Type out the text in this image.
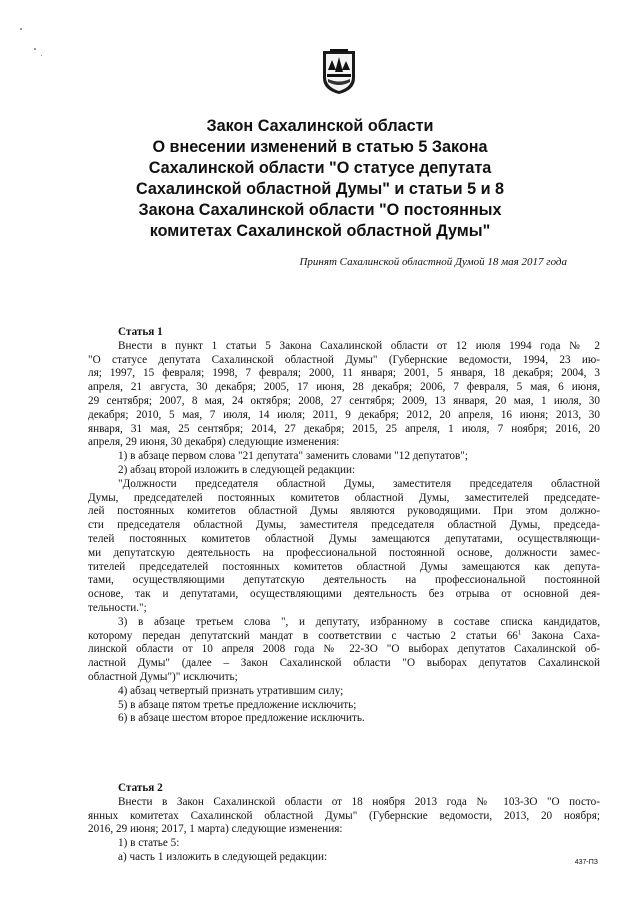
Закон Сахалинской области
О внесении изменений в статью 5 Закона
Сахалинской области "О статусе депутата
Сахалинской областной Думы" и статьи 5 и 8
Закона Сахалинской области "О постоянных
комитетах Сахалинской областной Думы"
Принят Сахалинской областной Думой 18 мая 2017 года

Статья 1

Внести в пункт 1 статьи 5 Закона Сахалинской области от 12 июля 1994 года № 2
"О статусе депутата Сахалинской областной Думы" (Губернские ведомости, 1994, 23 ию-
ля; 1997, 15 февраля; 1998, 7 февраля; 2000, 11 января; 2001, 5 января, 18 декабря; 2004, 3
апреля, 21 августа, 30 декабря; 2005, 17 июня, 28 декабря; 2006, 7 февраля, 5 мая, 6 июня,
29 сентября; 2007, 8 мая, 24 октября; 2008, 27 сентября; 2009, 13 января, 20 мая, 1 июля, 30
декабря; 2010, 5 мая, 7 июля, 14 июля; 2011, 9 декабря; 2012, 20 апреля, 16 июня; 2013, 30
января, 31 мая, 25 сентября; 2014, 27 декабря; 2015, 25 апреля, 1 июля, 7 ноября; 2016, 20
апреля, 29 июня, 30 декабря) следующие изменения:
1) в абзаце первом слова "21 депутата" заменить словами "12 депутатов";
2) абзац второй изложить в следующей редакции:
"Должности председателя областной Думы, заместителя председателя областной
Думы, председателей постоянных комитетов областной Думы, заместителей председате-
лей постоянных комитетов областной Думы являются руководящими. При этом должно-
сти председателя областной Думы, заместителя председателя областной Думы, председа-
телей постоянных комитетов областной Думы замещаются депутатами, осуществляющи-
ми депутатскую деятельность на профессиональной постоянной основе, должности замес-
тителей председателей постоянных комитетов областной Думы замещаются как депута-
тами, осуществляющими депутатскую деятельность на профессиональной постоянной
основе, так и депутатами, осуществляющими деятельность без отрыва от основной дея-
тельности.";
3) в абзаце третьем слова ", и депутату, избранному в составе списка кандидатов,
которому передан депутатский мандат в соответствии с частью 2 статьи $66^1$ Закона Саха-
линской области от 10 апреля 2008 года № 22-ЗО "О выборах депутатов Сахалинской об-
ластной Думы" (далее – Закон Сахалинской области "О выборах депутатов Сахалинской
областной Думы")" исключить;
4) абзац четвертый признать утратившим силу;
5) в абзаце пятом третье предложение исключить;
6) в абзаце шестом второе предложение исключить.

Статья 2

Внести в Закон Сахалинской области от 18 ноября 2013 года № 103-ЗО "О посто-
янных комитетах Сахалинской областной Думы" (Губернские ведомости, 2013, 20 ноября;
2016, 29 июня; 2017, 1 марта) следующие изменения:
1) в статье 5:
а) часть 1 изложить в следующей редакции:	437-ПЗ
